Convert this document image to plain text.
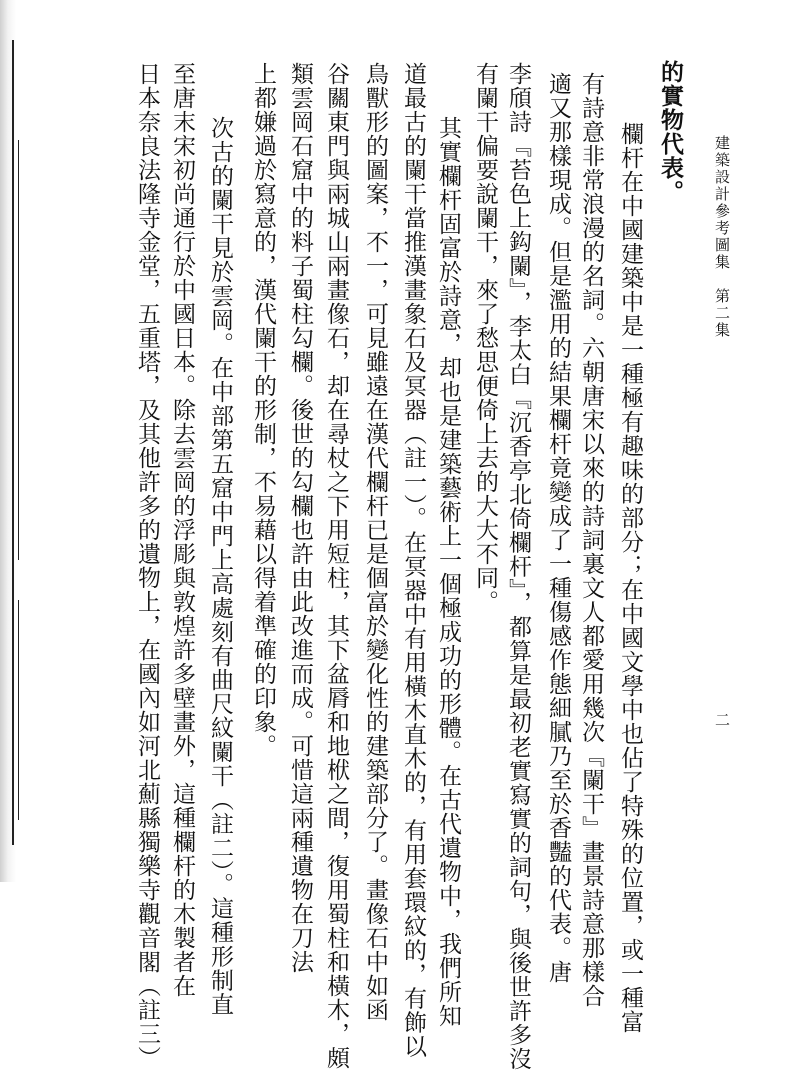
建築設計參考圖集　第二集
二
的實物代表。
　欄杆在中國建築中是一種極有趣味的部分；在中國文學中也佔了特殊的位置，或一種富
有詩意非常浪漫的名詞。六朝唐宋以來的詩詞裏文人都愛用幾次『闌干』畫景詩意那樣合
適又那樣現成。但是濫用的結果欄杆竟變成了一種傷感作態細膩乃至於香豔的代表。唐
李頎詩『苔色上鈎闌』，李太白『沉香亭北倚欄杆』，都算是最初老實寫實的詞句，與後世許多沒
有闌干偏要說闌干，來了愁思便倚上去的大大不同。
　其實欄杆固富於詩意，却也是建築藝術上一個極成功的形體。在古代遺物中，我們所知
道最古的闌干當推漢畫象石及冥器（註一）。在冥器中有用橫木直木的，有用套環紋的，有飾以
鳥獸形的圖案，不一，可見雖遠在漢代欄杆已是個富於變化性的建築部分了。畫像石中如函
谷關東門與兩城山兩畫像石，却在尋杖之下用短柱，其下盆脣和地栿之間，復用蜀柱和橫木，頗
類雲岡石窟中的料子蜀柱勾欄。後世的勾欄也許由此改進而成。可惜這兩種遺物在刀法
上都嫌過於寫意的，漢代闌干的形制，不易藉以得着準確的印象。
　次古的闌干見於雲岡。在中部第五窟中門上高處刻有曲尺紋闌干（註二）。這種形制直
至唐末宋初尚通行於中國日本。除去雲岡的浮彫與敦煌許多壁畫外，這種欄杆的木製者在
日本奈良法隆寺金堂，五重塔，及其他許多的遺物上，在國內如河北薊縣獨樂寺觀音閣（註三）
